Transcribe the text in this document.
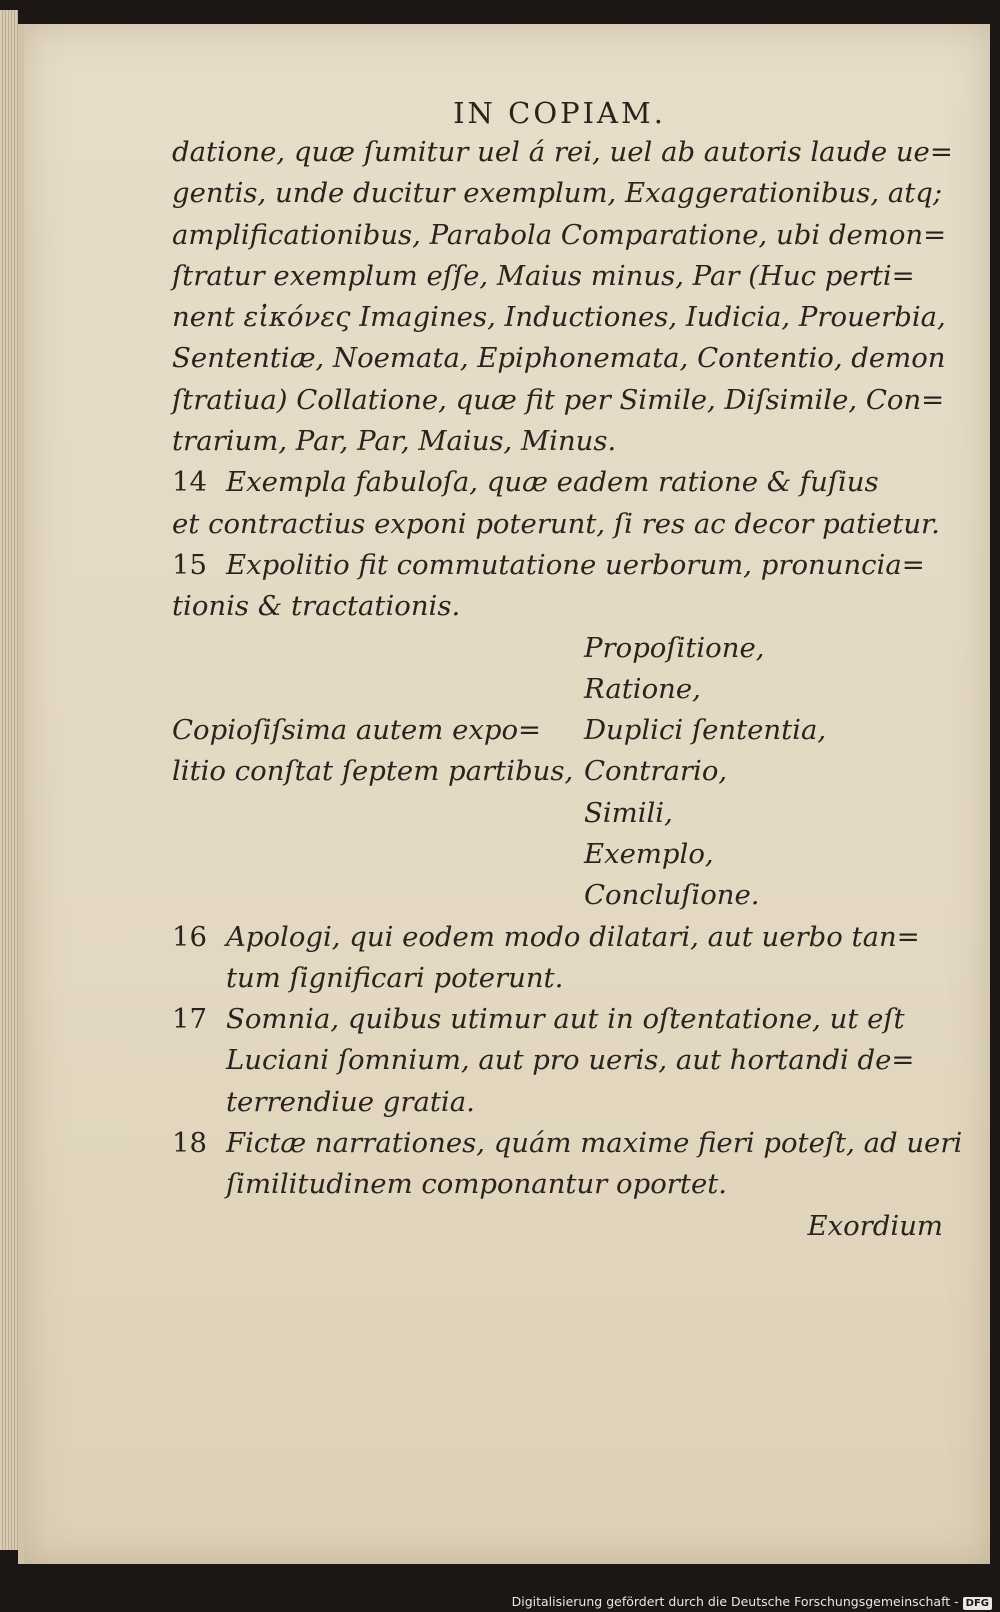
IN COPIAM.
datione, quæ ſumitur uel á rei, uel ab autoris laude ue=
gentis, unde ducitur exemplum, Exaggerationibus, atq;
amplificationibus, Parabola Comparatione, ubi demon=
ſtratur exemplum eſſe, Maius minus, Par (Huc perti=
nent εἰκόνες Imagines, Inductiones, Iudicia, Prouerbia,
Sententiæ, Noemata, Epiphonemata, Contentio, demon
ſtratiua) Collatione, quæ fit per Simile, Diſsimile, Con=
trarium, Par, Par, Maius, Minus.
14 Exempla fabuloſa, quæ eadem ratione & fuſius
et contractius exponi poterunt, ſi res ac decor patietur.
15 Expolitio fit commutatione uerborum, pronuncia=
tionis & tractationis.
Copioſiſsima autem expo=
litio conſtat ſeptem partibus,
Propoſitione,
Ratione,
Duplici ſententia,
Contrario,
Simili,
Exemplo,
Concluſione.
16 Apologi, qui eodem modo dilatari, aut uerbo tan=
tum ſignificari poterunt.
17 Somnia, quibus utimur aut in oſtentatione, ut eſt
Luciani ſomnium, aut pro ueris, aut hortandi de=
terrendiue gratia.
18 Fictæ narrationes, quám maxime fieri poteſt, ad ueri
ſimilitudinem componantur oportet.
Exordium
Digitalisierung gefördert durch die Deutsche Forschungsgemeinschaft - DFG
